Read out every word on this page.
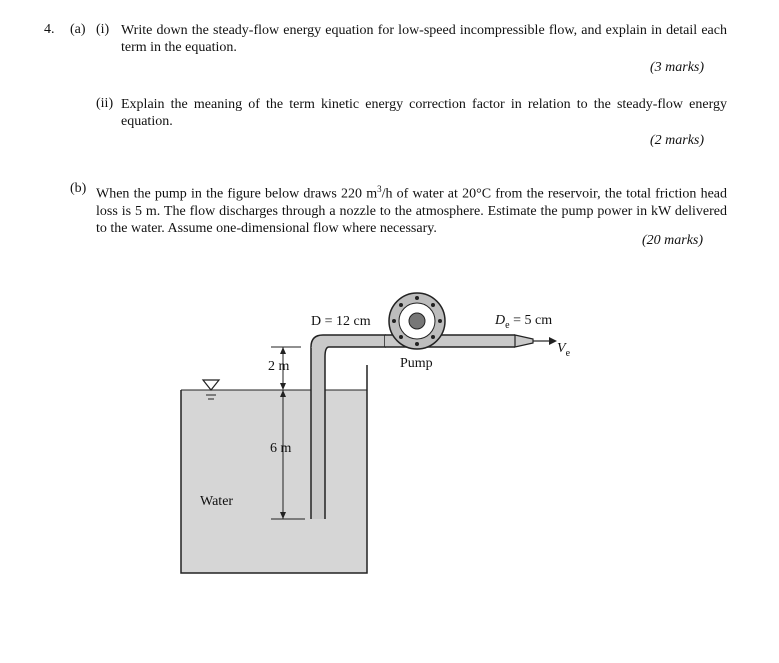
4. (a) (i) Write down the steady-flow energy equation for low-speed incompressible flow, and explain in detail each term in the equation.
(3 marks)
(ii) Explain the meaning of the term kinetic energy correction factor in relation to the steady-flow energy equation.
(2 marks)
(b) When the pump in the figure below draws 220 $m^3/h$ of water at 20°C from the reservoir, the total friction head loss is 5 m. The flow discharges through a nozzle to the atmosphere. Estimate the pump power in kW delivered to the water. Assume one-dimensional flow where necessary.
(20 marks)
D = 12 cm	$D_e = 5$ cm
$V_e$
Pump
2 m
6 m
Water
